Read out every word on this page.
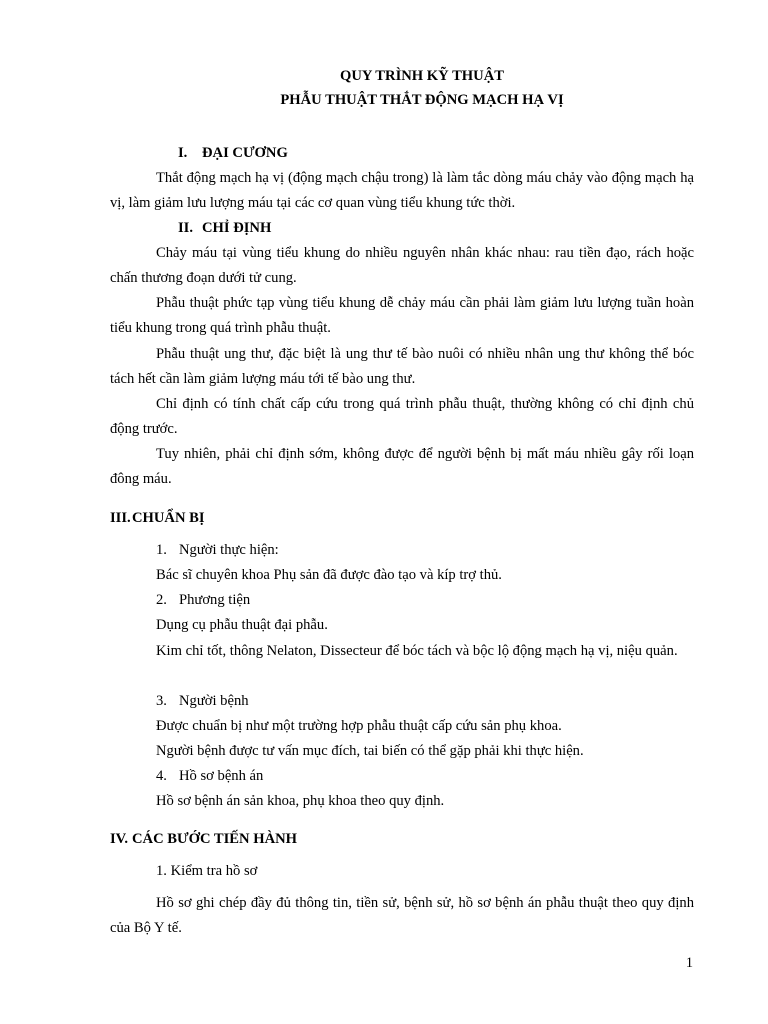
QUY TRÌNH KỸ THUẬT
PHẪU THUẬT THẮT ĐỘNG MẠCH HẠ VỊ
I. ĐẠI CƯƠNG

Thắt động mạch hạ vị (động mạch chậu trong) là làm tắc dòng máu chảy vào động mạch hạ vị, làm giảm lưu lượng máu tại các cơ quan vùng tiểu khung tức thời.

II. CHỈ ĐỊNH

Chảy máu tại vùng tiểu khung do nhiều nguyên nhân khác nhau: rau tiền đạo, rách hoặc chấn thương đoạn dưới tử cung.

Phẫu thuật phức tạp vùng tiểu khung dễ chảy máu cần phải làm giảm lưu lượng tuần hoàn tiểu khung trong quá trình phẫu thuật.

Phẫu thuật ung thư, đặc biệt là ung thư tế bào nuôi có nhiều nhân ung thư không thể bóc tách hết cần làm giảm lượng máu tới tế bào ung thư.

Chỉ định có tính chất cấp cứu trong quá trình phẫu thuật, thường không có chỉ định chủ động trước.

Tuy nhiên, phải chỉ định sớm, không được để người bệnh bị mất máu nhiều gây rối loạn đông máu.

III.CHUẨN BỊ
1. Người thực hiện:
Bác sĩ chuyên khoa Phụ sản đã được đào tạo và kíp trợ thủ.
2. Phương tiện
Dụng cụ phẫu thuật đại phẫu.

Kim chỉ tốt, thông Nelaton, Dissecteur để bóc tách và bộc lộ động mạch hạ vị, niệu quản.

3. Người bệnh
Được chuẩn bị như một trường hợp phẫu thuật cấp cứu sản phụ khoa.
Người bệnh được tư vấn mục đích, tai biến có thể gặp phải khi thực hiện.
4. Hồ sơ bệnh án
Hồ sơ bệnh án sản khoa, phụ khoa theo quy định.
IV. CÁC BƯỚC TIẾN HÀNH
1. Kiểm tra hồ sơ

Hồ sơ ghi chép đầy đủ thông tin, tiền sử, bệnh sử, hồ sơ bệnh án phẫu thuật theo quy định của Bộ Y tế.

1
